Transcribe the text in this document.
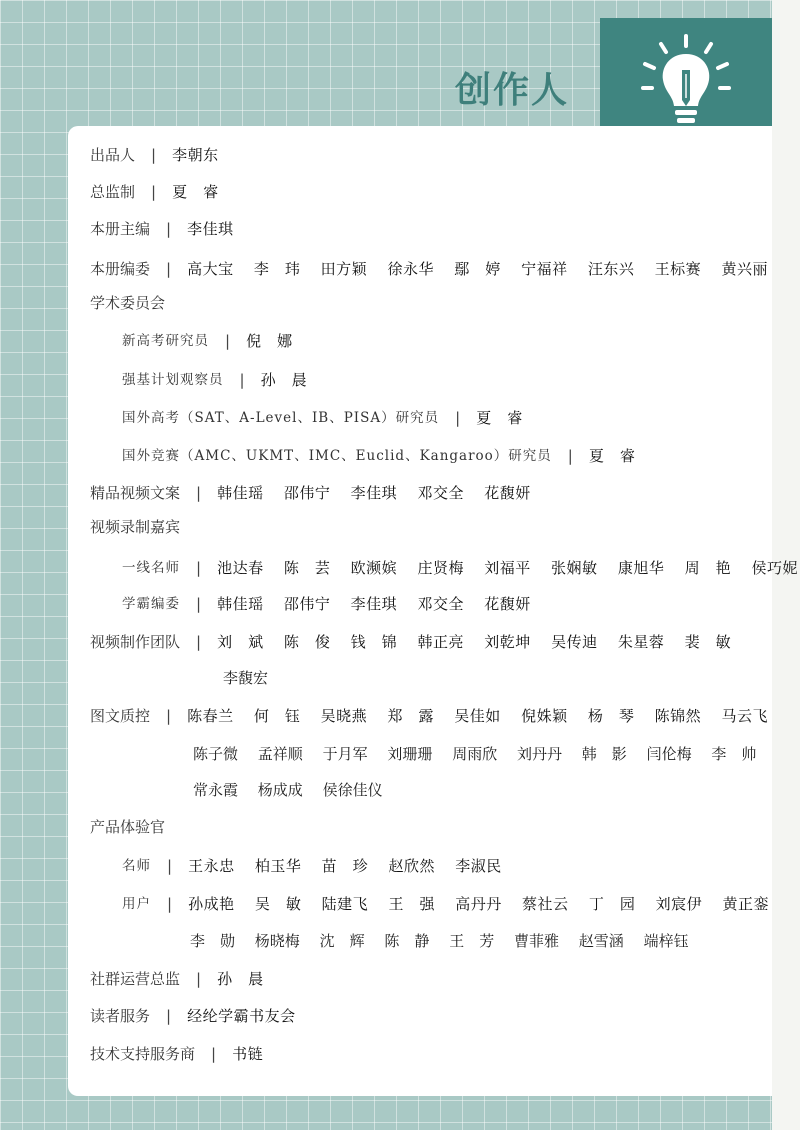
创作人
出品人 | 李朝东
总监制 | 夏　睿
本册主编 | 李佳琪
本册编委 | 高大宝 李　玮 田方颖 徐永华 鄢　婷 宁福祥 汪东兴 王标赛 黄兴丽
学术委员会
新高考研究员 | 倪　娜
强基计划观察员 | 孙　晨
国外高考（SAT、A-Level、IB、PISA）研究员 | 夏　睿
国外竞赛（AMC、UKMT、IMC、Euclid、Kangaroo）研究员 | 夏　睿
精品视频文案 | 韩佳瑶 邵伟宁 李佳琪 邓交全 花馥妍
视频录制嘉宾
一线名师 | 池达春 陈　芸 欧濒嫔 庄贤梅 刘福平 张娴敏 康旭华 周　艳 侯巧妮
学霸编委 | 韩佳瑶 邵伟宁 李佳琪 邓交全 花馥妍
视频制作团队 | 刘　斌 陈　俊 钱　锦 韩正亮 刘乾坤 吴传迪 朱星蓉 裴　敏
李馥宏
图文质控 | 陈春兰 何　钰 吴晓燕 郑　露 吴佳如 倪姝颖 杨　琴 陈锦然 马云飞
陈子微 孟祥顺 于月军 刘珊珊 周雨欣 刘丹丹 韩　影 闫伦梅 李　帅
常永霞 杨成成 侯徐佳仪
产品体验官
名师 | 王永忠 柏玉华 苗　珍 赵欣然 李淑民
用户 | 孙成艳 吴　敏 陆建飞 王　强 高丹丹 蔡社云 丁　园 刘宸伊 黄正銮
李　勋 杨晓梅 沈　辉 陈　静 王　芳 曹菲雅 赵雪涵 端梓钰
社群运营总监 | 孙　晨
读者服务 | 经纶学霸书友会
技术支持服务商 | 书链
